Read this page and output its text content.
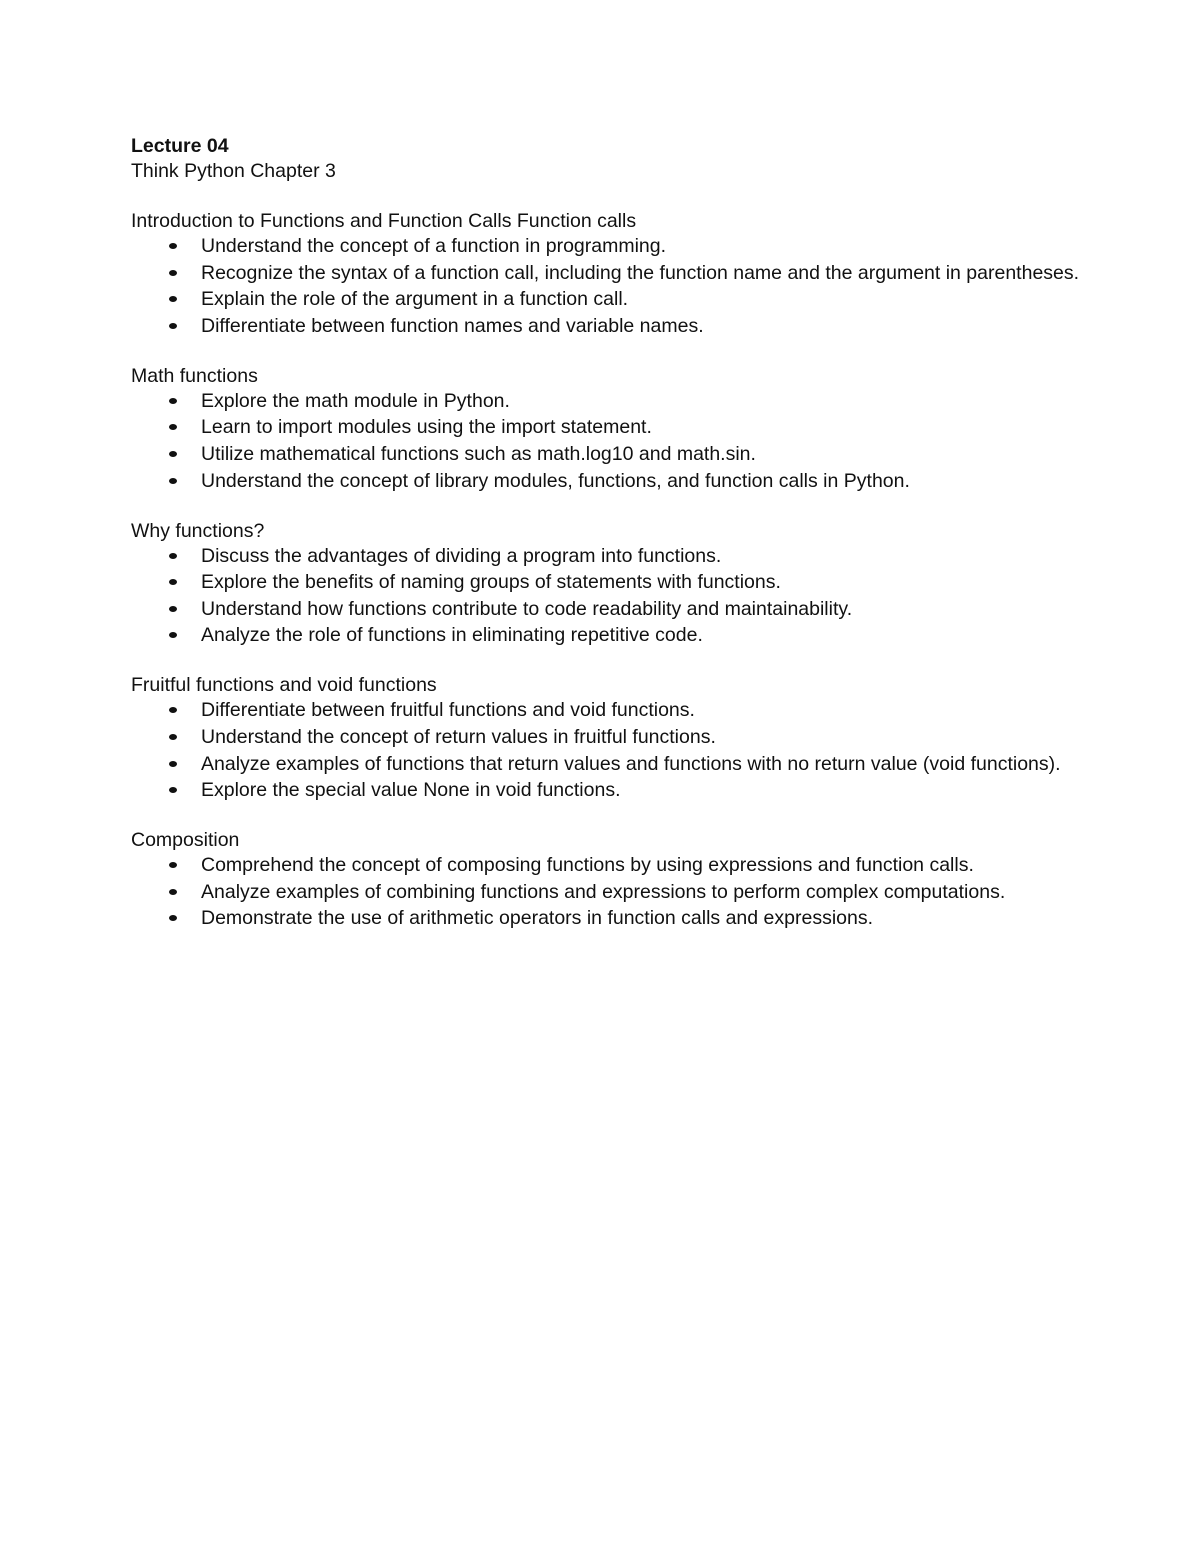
Lecture 04
Think Python Chapter 3
Introduction to Functions and Function Calls Function calls
Understand the concept of a function in programming.
Recognize the syntax of a function call, including the function name and the argument in parentheses.
Explain the role of the argument in a function call.
Differentiate between function names and variable names.
Math functions
Explore the math module in Python.
Learn to import modules using the import statement.
Utilize mathematical functions such as math.log10 and math.sin.
Understand the concept of library modules, functions, and function calls in Python.
Why functions?
Discuss the advantages of dividing a program into functions.
Explore the benefits of naming groups of statements with functions.
Understand how functions contribute to code readability and maintainability.
Analyze the role of functions in eliminating repetitive code.
Fruitful functions and void functions
Differentiate between fruitful functions and void functions.
Understand the concept of return values in fruitful functions.
Analyze examples of functions that return values and functions with no return value (void functions).
Explore the special value None in void functions.
Composition
Comprehend the concept of composing functions by using expressions and function calls.
Analyze examples of combining functions and expressions to perform complex computations.
Demonstrate the use of arithmetic operators in function calls and expressions.
